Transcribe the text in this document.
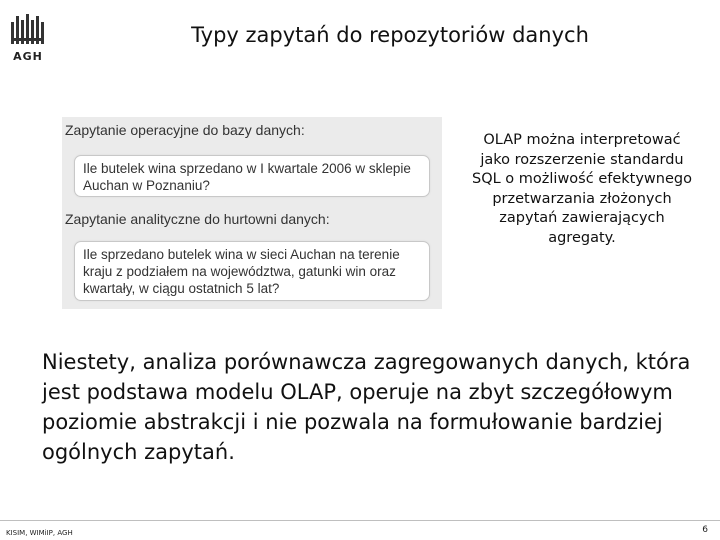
AGH
Typy zapytań do repozytoriów danych
Zapytanie operacyjne do bazy danych:
Ile butelek wina sprzedano w I kwartale 2006 w sklepie Auchan w Poznaniu?
Zapytanie analityczne do hurtowni danych:
Ile sprzedano butelek wina w sieci Auchan na terenie kraju z podziałem na województwa, gatunki win oraz kwartały, w ciągu ostatnich 5 lat?
OLAP można interpretować jako rozszerzenie standardu SQL o możliwość efektywnego przetwarzania złożonych zapytań zawierających agregaty.
Niestety, analiza porównawcza zagregowanych danych, która jest podstawa modelu OLAP, operuje na zbyt szczegółowym poziomie abstrakcji i nie pozwala na formułowanie bardziej ogólnych zapytań.
KISIM, WIMiIP, AGH	6
